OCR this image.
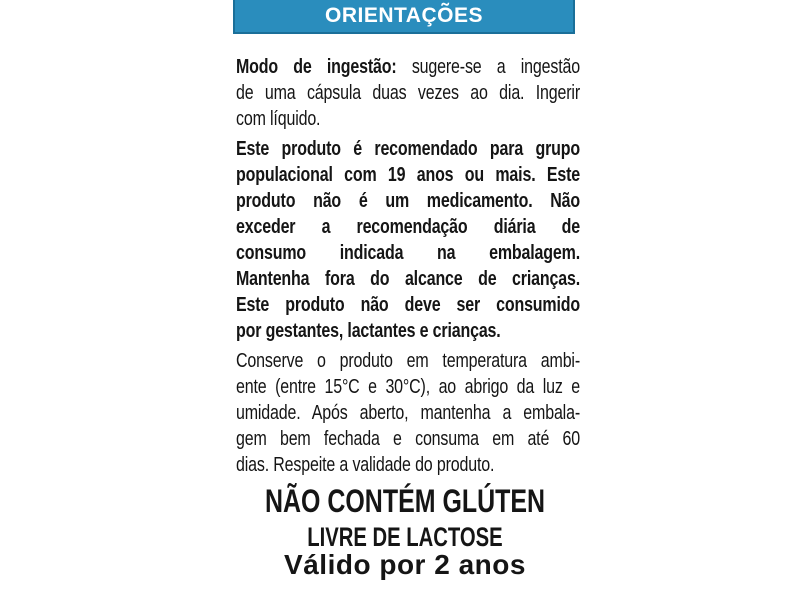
ORIENTAÇÕES
Modo de ingestão: sugere-se a ingestão
de uma cápsula duas vezes ao dia. Ingerir
com líquido.
Este produto é recomendado para grupo
populacional com 19 anos ou mais. Este
produto não é um medicamento. Não
exceder a recomendação diária de
consumo indicada na embalagem.
Mantenha fora do alcance de crianças.
Este produto não deve ser consumido
por gestantes, lactantes e crianças.
Conserve o produto em temperatura ambi-
ente (entre 15°C e 30°C), ao abrigo da luz e
umidade. Após aberto, mantenha a embala-
gem bem fechada e consuma em até 60
dias. Respeite a validade do produto.
NÃO CONTÉM GLÚTEN
LIVRE DE LACTOSE
Válido por 2 anos
